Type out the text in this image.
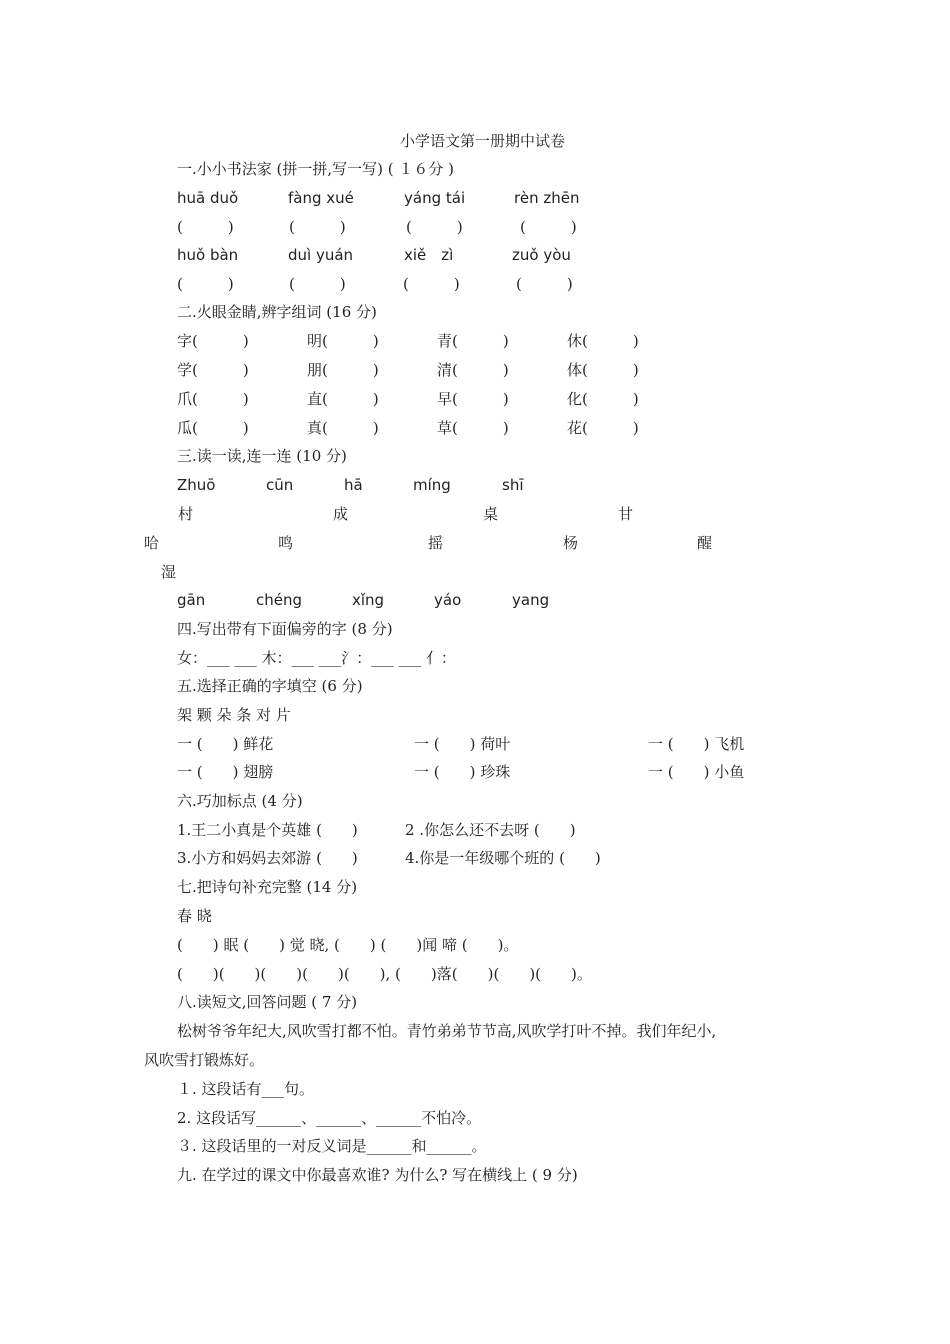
小学语文第一册期中试卷
一.小小书法家 (拼一拼,写一写) ( １６分 )
huā duǒ	fàng xué	yáng tái	rèn zhēn
(　　　)	(　　　)	(　　　)	(　　　)
huǒ bàn	duì yuán	xiě　zì	zuǒ yòu
(　　　)	(　　　)	(　　　)	(　　　)
二.火眼金睛,辨字组词 (16 分)
字(　　　)	明(　　　)	青(　　　)	休(　　　)
学(　　　)	朋(　　　)	清(　　　)	体(　　　)
爪(　　　)	直(　　　)	早(　　　)	化(　　　)
瓜(　　　)	真(　　　)	草(　　　)	花(　　　)
三.读一读,连一连 (10 分)
Zhuō	cūn	hā	míng	shī
村	成	桌	甘
哈	鸣	摇	杨	醒
湿
gān	chéng	xǐng	yáo	yang
四.写出带有下面偏旁的字 (8 分)
女：___ ___ 木：___ ___氵：___ ___ 亻：
五.选择正确的字填空 (6 分)
架 颗 朵 条 对 片
一 (　　) 鲜花	一 (　　) 荷叶	一 (　　) 飞机
一 (　　) 翅膀	一 (　　) 珍珠	一 (　　) 小鱼
六.巧加标点 (4 分)
1.王二小真是个英雄 (　　)	2 .你怎么还不去呀 (　　)
3.小方和妈妈去郊游 (　　)	4.你是一年级哪个班的 (　　)
七.把诗句补充完整 (14 分)
春 晓
(　　) 眠 (　　) 觉 晓, (　　) (　　)闻 啼 (　　)。
(　　)(　　)(　　)(　　)(　　), (　　)落(　　)(　　)(　　)。
八.读短文,回答问题 ( 7 分)
松树爷爷年纪大,风吹雪打都不怕。青竹弟弟节节高,风吹学打叶不掉。我们年纪小,
风吹雪打锻炼好。
１. 这段话有___句。
2. 这段话写______、______、______不怕冷。
３. 这段话里的一对反义词是______和______。
九. 在学过的课文中你最喜欢谁? 为什么? 写在横线上 ( 9 分)
